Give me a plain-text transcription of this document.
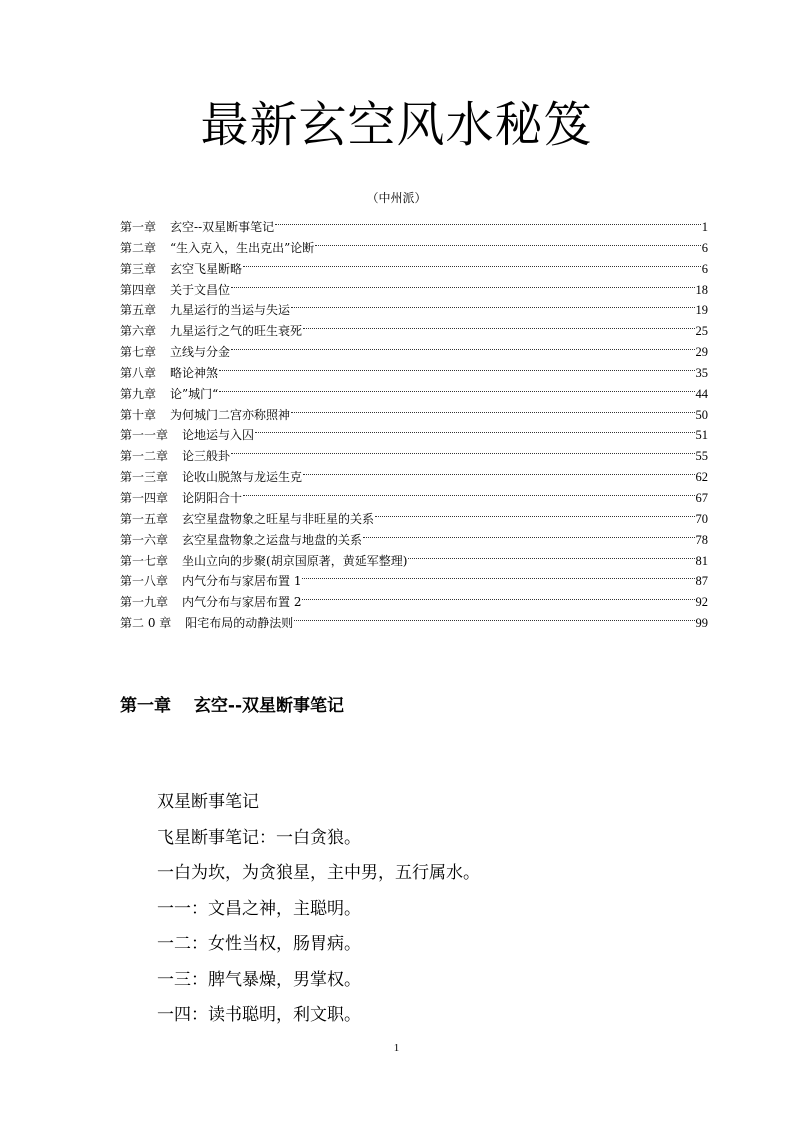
最新玄空风水秘笈
（中州派）
第一章 玄空--双星断事笔记	1
第二章 “生入克入，生出克出”论断	6
第三章 玄空飞星断略	6
第四章 关于文昌位	18
第五章 九星运行的当运与失运	19
第六章 九星运行之气的旺生衰死	25
第七章 立线与分金	29
第八章 略论神煞	35
第九章 论”城门“	44
第十章 为何城门二宫亦称照神	50
第一一章 论地运与入囚	51
第一二章 论三般卦	55
第一三章 论收山脱煞与龙运生克	62
第一四章 论阴阳合十	67
第一五章 玄空星盘物象之旺星与非旺星的关系	70
第一六章 玄空星盘物象之运盘与地盘的关系	78
第一七章 坐山立向的步聚(胡京国原著，黄延军整理)	81
第一八章 内气分布与家居布置 1	87
第一九章 内气分布与家居布置 2	92
第二 0 章 阳宅布局的动静法则	99
第一章　 玄空--双星断事笔记
双星断事笔记
飞星断事笔记：一白贪狼。
一白为坎，为贪狼星，主中男，五行属水。
一一：文昌之神，主聪明。
一二：女性当权，肠胃病。
一三：脾气暴燥，男掌权。
一四：读书聪明，利文职。
1
